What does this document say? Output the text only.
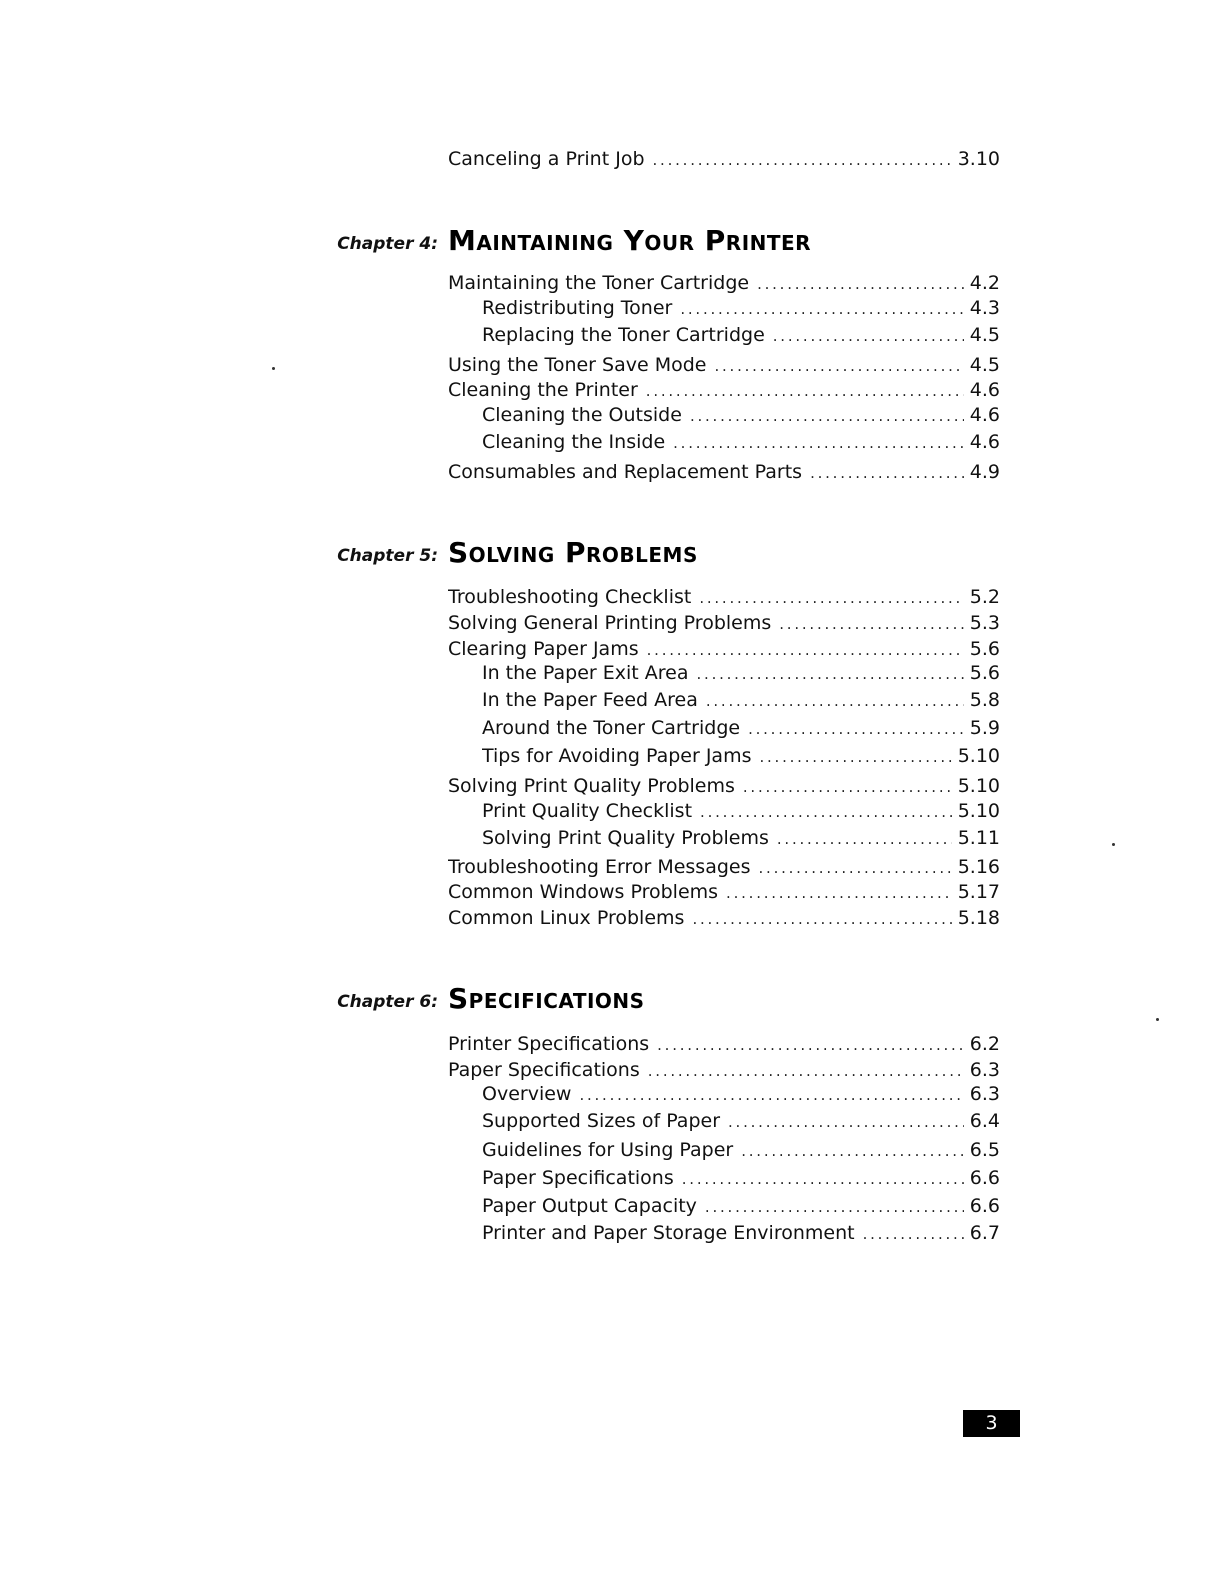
Canceling a Print Job . . .	3.10
Chapter 4: Maintaining Your Printer
Maintaining the Toner Cartridge . . .	4.2
Redistributing Toner . . .	4.3
Replacing the Toner Cartridge . . .	4.5
Using the Toner Save Mode . . .	4.5
Cleaning the Printer . . .	4.6
Cleaning the Outside . . .	4.6
Cleaning the Inside . . .	4.6
Consumables and Replacement Parts . . .	4.9
Chapter 5: Solving Problems
Troubleshooting Checklist . . .	5.2
Solving General Printing Problems . . .	5.3
Clearing Paper Jams . . .	5.6
In the Paper Exit Area . . .	5.6
In the Paper Feed Area . . .	5.8
Around the Toner Cartridge . . .	5.9
Tips for Avoiding Paper Jams . . .	5.10
Solving Print Quality Problems . . .	5.10
Print Quality Checklist . . .	5.10
Solving Print Quality Problems . . .	5.11
Troubleshooting Error Messages . . .	5.16
Common Windows Problems . . .	5.17
Common Linux Problems . . .	5.18
Chapter 6: Specifications
Printer Specifications . . .	6.2
Paper Specifications . . .	6.3
Overview . . .	6.3
Supported Sizes of Paper . . .	6.4
Guidelines for Using Paper . . .	6.5
Paper Specifications . . .	6.6
Paper Output Capacity . . .	6.6
Printer and Paper Storage Environment . . .	6.7
3
